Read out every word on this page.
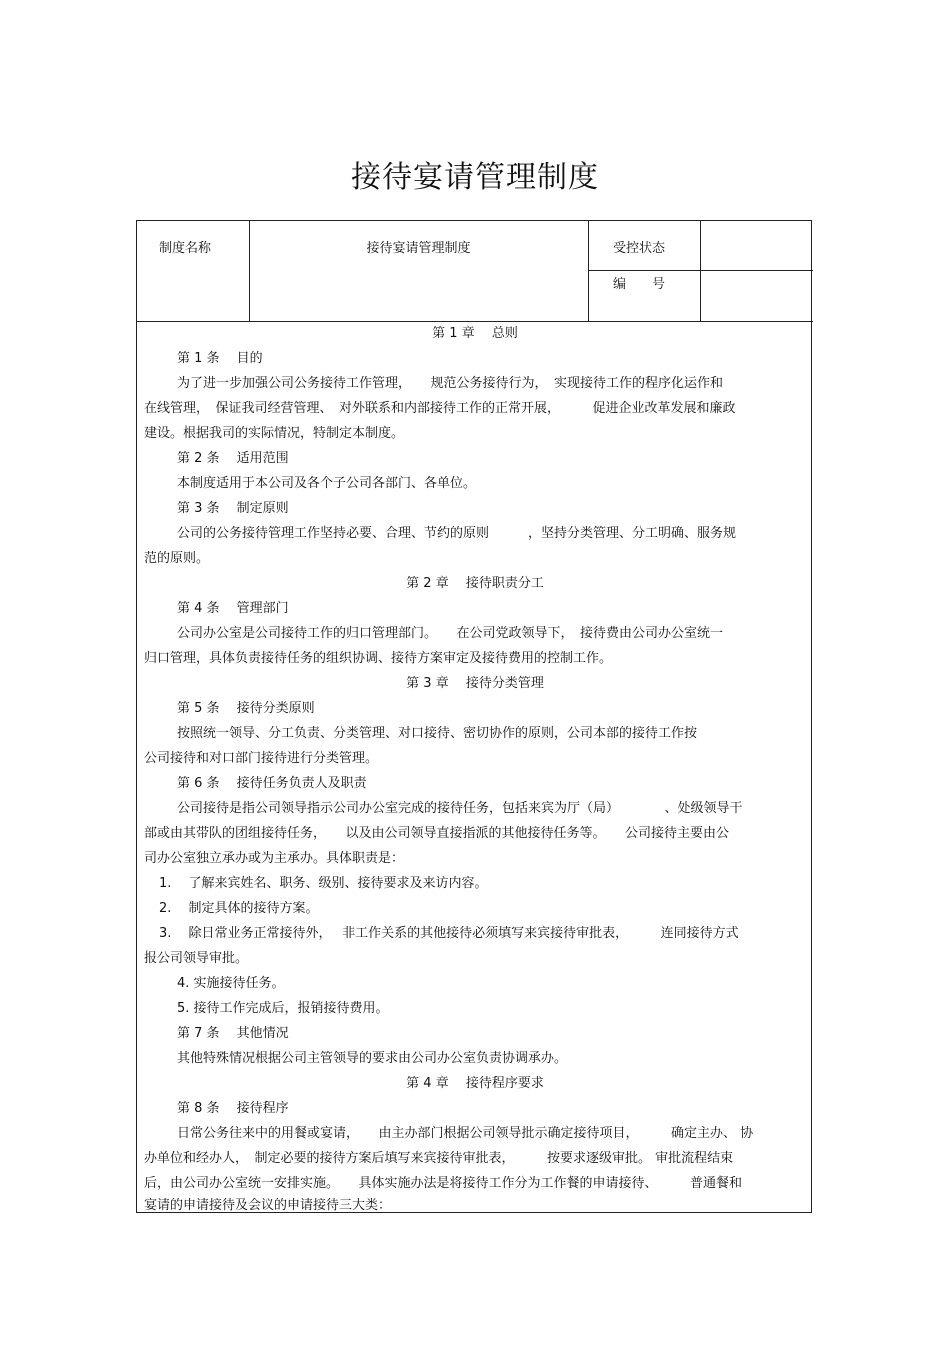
接待宴请管理制度
制度名称	接待宴请管理制度	受控状态
编　　号
第 1 章　 总则
第 1 条　 目的
为了进一步加强公司公务接待工作管理，　　规范公务接待行为，　实现接待工作的程序化运作和
在线管理，　保证我司经营管理、　对外联系和内部接待工作的正常开展，　　　促进企业改革发展和廉政
建设。根据我司的实际情况，特制定本制度。
第 2 条　 适用范围
本制度适用于本公司及各个子公司各部门、各单位。
第 3 条　 制定原则
公司的公务接待管理工作坚持必要、合理、节约的原则　　　，坚持分类管理、分工明确、服务规
范的原则。
第 2 章　 接待职责分工
第 4 条　 管理部门
公司办公室是公司接待工作的归口管理部门。　　在公司党政领导下，　接待费由公司办公室统一
归口管理，具体负责接待任务的组织协调、接待方案审定及接待费用的控制工作。
第 3 章　 接待分类管理
第 5 条　 接待分类原则
按照统一领导、分工负责、分类管理、对口接待、密切协作的原则，公司本部的接待工作按
公司接待和对口部门接待进行分类管理。
第 6 条　 接待任务负责人及职责
公司接待是指公司领导指示公司办公室完成的接待任务，包括来宾为厅（局）　　　　、处级领导干
部或由其带队的团组接待任务，　　以及由公司领导直接指派的其他接待任务等。　　公司接待主要由公
司办公室独立承办或为主承办。具体职责是：
1.　 了解来宾姓名、职务、级别、接待要求及来访内容。
2.　 制定具体的接待方案。
3.　 除日常业务正常接待外，　 非工作关系的其他接待必须填写来宾接待审批表，　　　连同接待方式
报公司领导审批。
4. 实施接待任务。
5. 接待工作完成后，报销接待费用。
第 7 条　 其他情况
其他特殊情况根据公司主管领导的要求由公司办公室负责协调承办。
第 4 章　 接待程序要求
第 8 条　 接待程序
日常公务往来中的用餐或宴请，　　由主办部门根据公司领导批示确定接待项目，　　　确定主办、 协
办单位和经办人，　制定必要的接待方案后填写来宾接待审批表，　　　按要求逐级审批。 审批流程结束
后，由公司办公室统一安排实施。　　具体实施办法是将接待工作分为工作餐的申请接待、　　　普通餐和
宴请的申请接待及会议的申请接待三大类：
